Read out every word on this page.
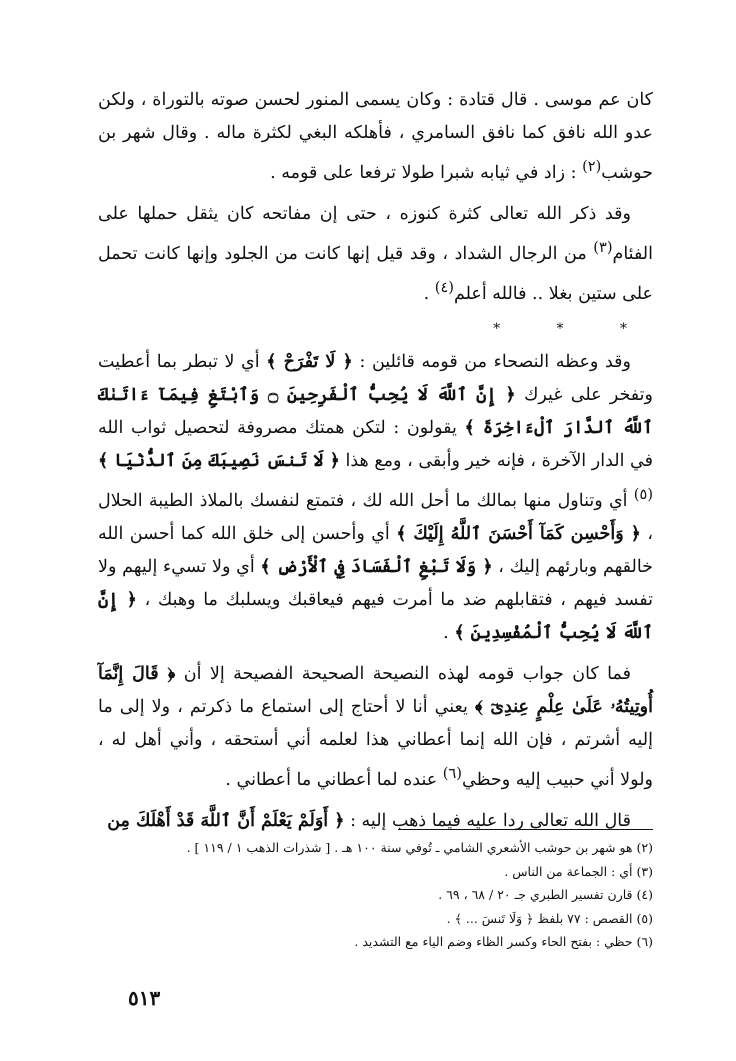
كان عم موسى . قال قتادة : وكان يسمى المنور لحسن صوته بالتوراة ، ولكن عدو الله نافق كما نافق السامري ، فأهلكه البغي لكثرة ماله . وقال شهر بن حوشب$^{(٢)}$ : زاد في ثيابه شبرا طولا ترفعا على قومه .

وقد ذكر الله تعالى كثرة كنوزه ، حتى إن مفاتحه كان يثقل حملها على الفئام$^{(٣)}$ من الرجال الشداد ، وقد قيل إنها كانت من الجلود وإنها كانت تحمل على ستين بغلا .. فالله أعلم$^{(٤)}$ .

* * *

وقد وعظه النصحاء من قومه قائلين : ﴿ لَا تَفْرَحْ ﴾ أي لا تبطر بما أعطيت وتفخر على غيرك ﴿ إِنَّ ٱللَّهَ لَا يُحِبُّ ٱلْفَرِحِينَ ۝ وَٱبْتَغِ فِيمَآ ءَاتَىٰكَ ٱللَّهُ ٱلدَّارَ ٱلْءَاخِرَةَ ﴾ يقولون : لتكن همتك مصروفة لتحصيل ثواب الله في الدار الآخرة ، فإنه خير وأبقى ، ومع هذا ﴿ لَا تَنسَ نَصِيبَكَ مِنَ ٱلدُّنْيَا ﴾$^{(٥)}$ أي وتناول منها بمالك ما أحل الله لك ، فتمتع لنفسك بالملاذ الطيبة الحلال ، ﴿ وَأَحْسِن كَمَآ أَحْسَنَ ٱللَّهُ إِلَيْكَ ﴾ أي وأحسن إلى خلق الله كما أحسن الله خالقهم وبارئهم إليك ، ﴿ وَلَا تَبْغِ ٱلْفَسَادَ فِي ٱلْأَرْضِ ﴾ أي ولا تسيء إليهم ولا تفسد فيهم ، فتقابلهم ضد ما أمرت فيهم فيعاقبك ويسلبك ما وهبك ، ﴿ إِنَّ ٱللَّهَ لَا يُحِبُّ ٱلْمُفْسِدِينَ ﴾ .

فما كان جواب قومه لهذه النصيحة الصحيحة الفصيحة إلا أن ﴿ قَالَ إِنَّمَآ أُوتِيتُهُۥ عَلَىٰ عِلْمٍ عِندِىٓ ﴾ يعني أنا لا أحتاج إلى استماع ما ذكرتم ، ولا إلى ما إليه أشرتم ، فإن الله إنما أعطاني هذا لعلمه أني أستحقه ، وأني أهل له ، ولولا أني حبيب إليه وحظي$^{(٦)}$ عنده لما أعطاني ما أعطاني .

قال الله تعالى ردا عليه فيما ذهب إليه : ﴿ أَوَلَمْ يَعْلَمْ أَنَّ ٱللَّهَ قَدْ أَهْلَكَ مِن

(٢) هو شهر بن حوشب الأشعري الشامي ـ تُوفي سنة ١٠٠ هـ . [ شذرات الذهب ١ / ١١٩ ] .

(٣) أي : الجماعة من الناس .

(٤) قارن تفسير الطبري جـ ٢٠ / ٦٨ ، ٦٩ .

(٥) القصص : ٧٧ بلفظ ﴿ وَلَا تَنسَ ... ﴾ .

(٦) حظي : بفتح الحاء وكسر الظاء وضم الياء مع التشديد .

٥١٣
